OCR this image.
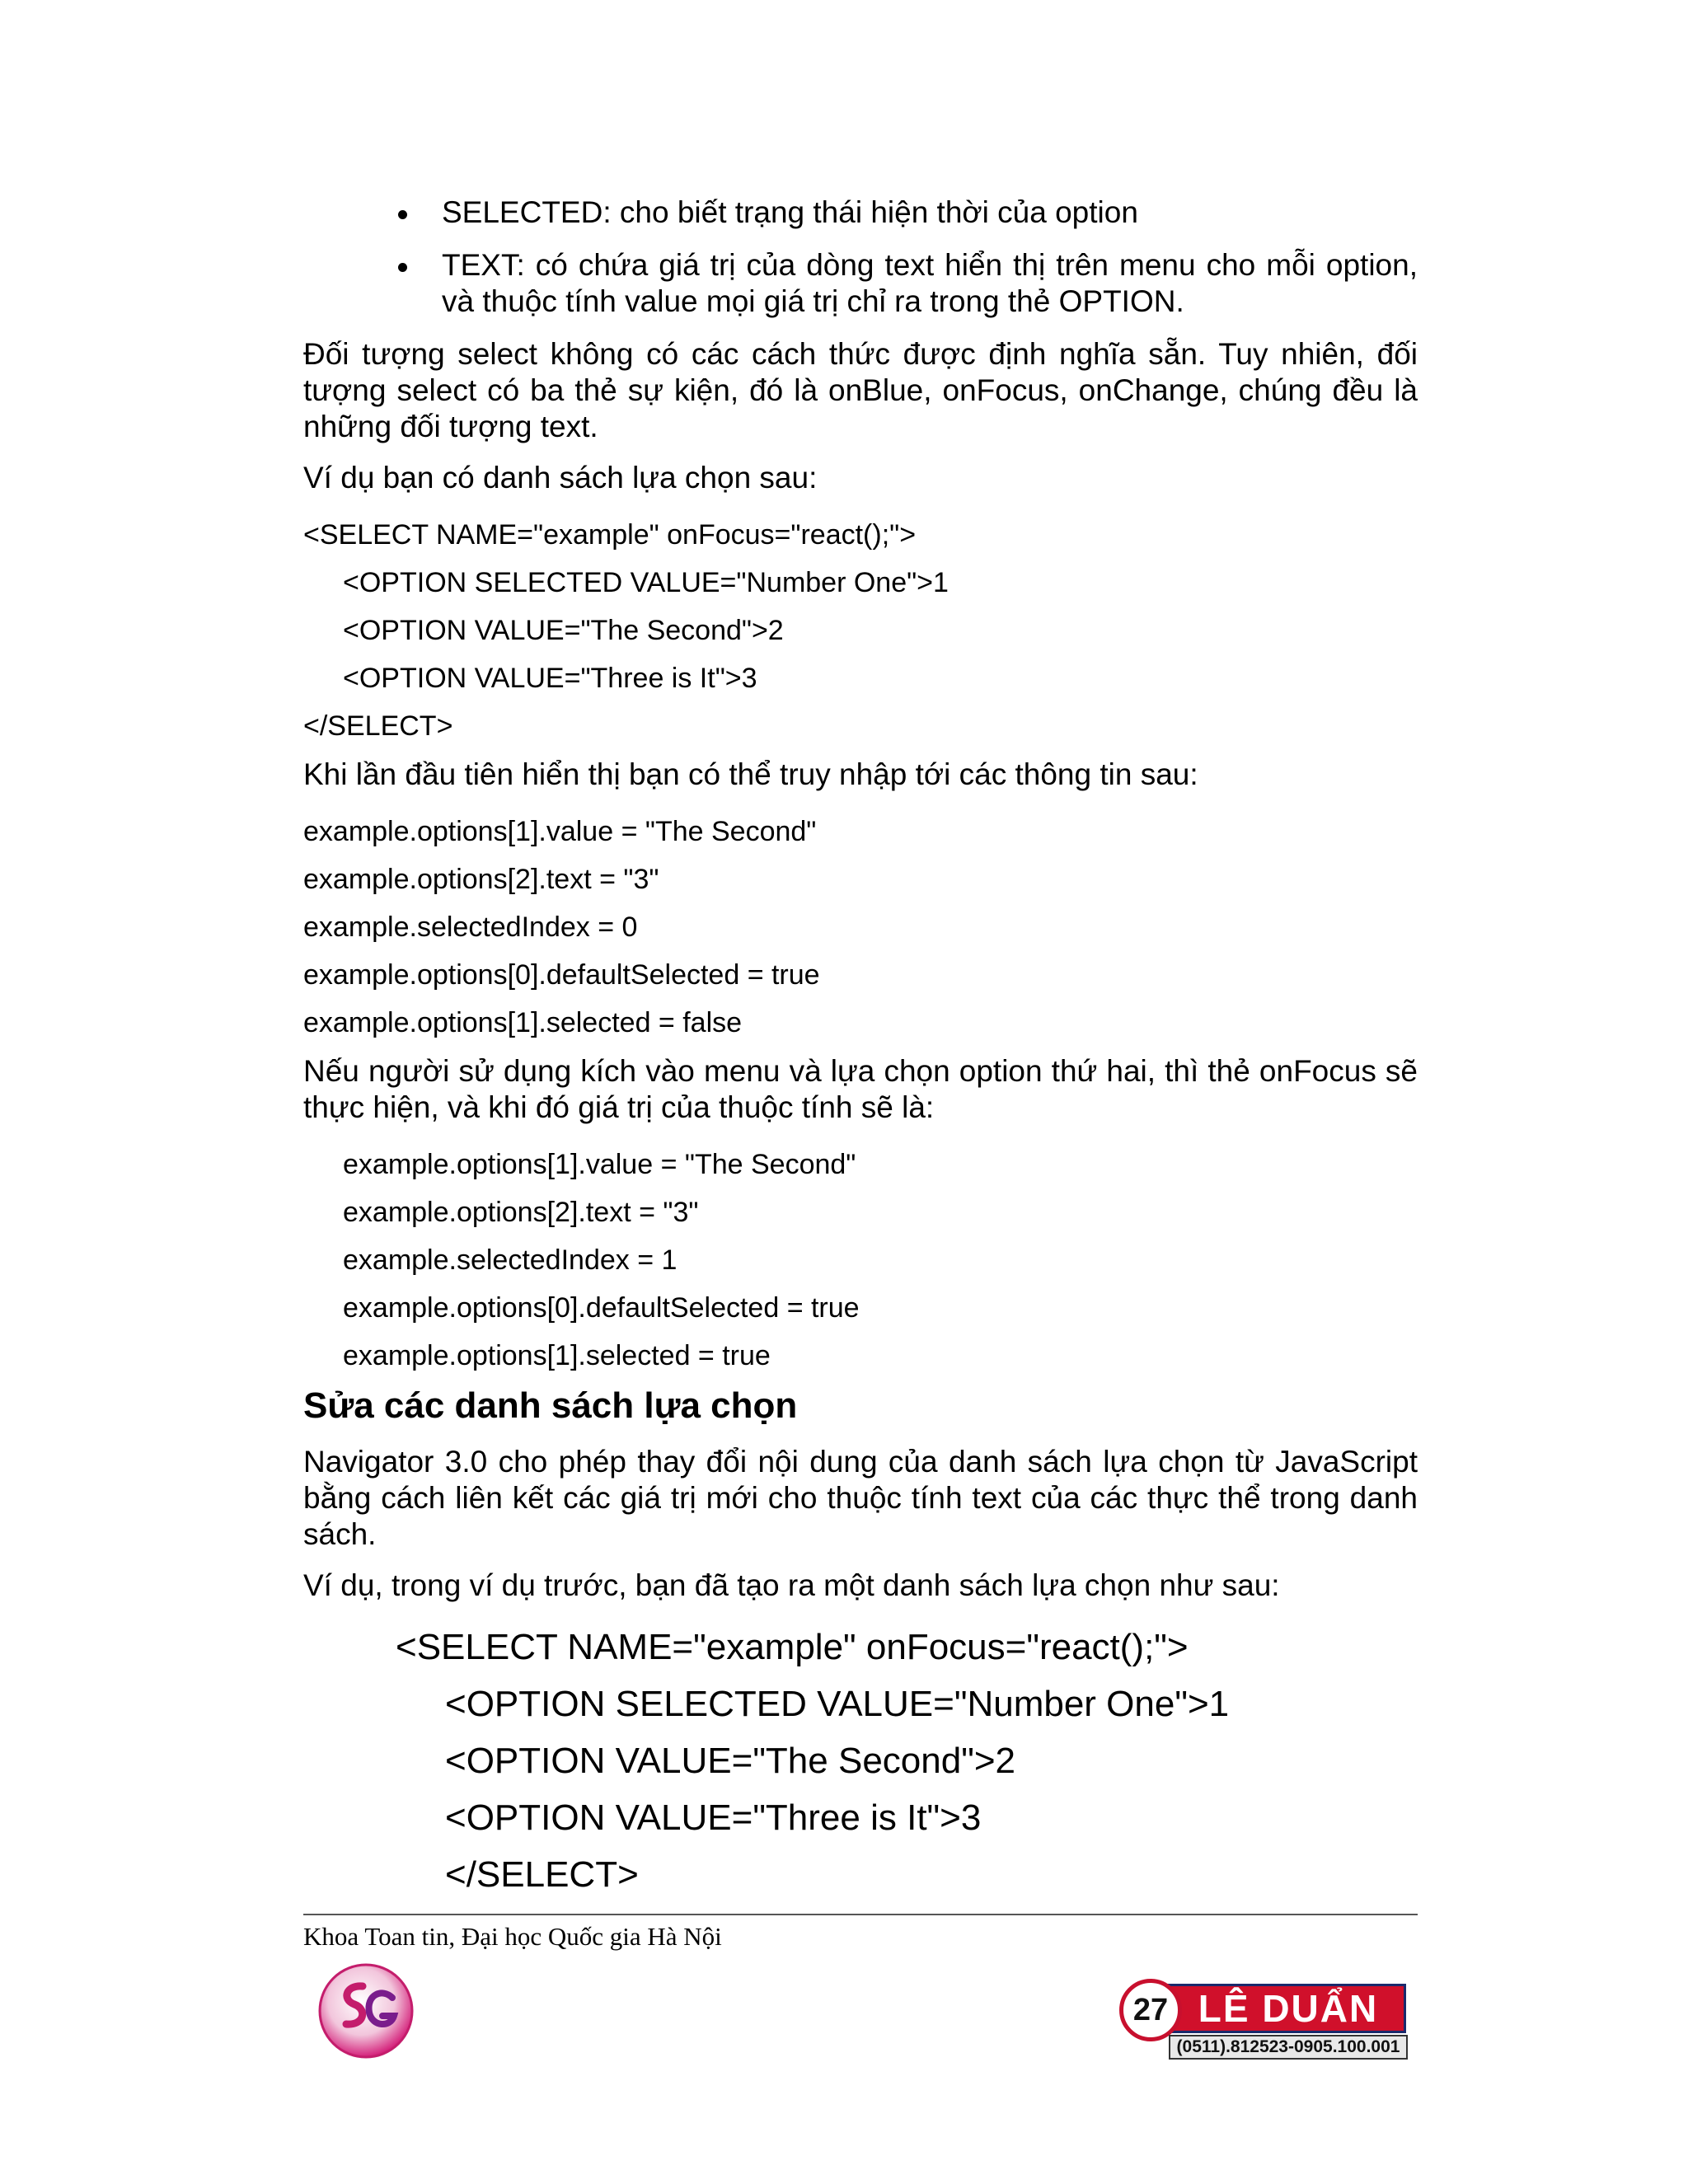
SELECTED: cho biết trạng thái hiện thời của option
TEXT: có chứa giá trị của dòng text hiển thị trên menu cho mỗi option, và thuộc tính value mọi giá trị chỉ ra trong thẻ OPTION.

Đối tượng select không có các cách thức được định nghĩa sẵn. Tuy nhiên, đối tượng select có ba thẻ sự kiện, đó là onBlue, onFocus, onChange, chúng đều là những đối tượng text.

Ví dụ bạn có danh sách lựa chọn sau:

<SELECT NAME="example" onFocus="react();">
<OPTION SELECTED VALUE="Number One">1
<OPTION VALUE="The Second">2
<OPTION VALUE="Three is It">3
</SELECT>

Khi lần đầu tiên hiển thị bạn có thể truy nhập tới các thông tin sau:

example.options[1].value = "The Second"
example.options[2].text = "3"
example.selectedIndex = 0
example.options[0].defaultSelected = true
example.options[1].selected = false

Nếu người sử dụng kích vào menu và lựa chọn option thứ hai, thì thẻ onFocus sẽ thực hiện, và khi đó giá trị của thuộc tính sẽ là:

example.options[1].value = "The Second"
example.options[2].text = "3"
example.selectedIndex = 1
example.options[0].defaultSelected = true
example.options[1].selected = true
Sửa các danh sách lựa chọn

Navigator 3.0 cho phép thay đổi nội dung của danh sách lựa chọn từ JavaScript bằng cách liên kết các giá trị mới cho thuộc tính text của các thực thể trong danh sách.

Ví dụ, trong ví dụ trước, bạn đã tạo ra một danh sách lựa chọn như sau:

<SELECT NAME="example" onFocus="react();">
<OPTION SELECTED VALUE="Number One">1
<OPTION VALUE="The Second">2
<OPTION VALUE="Three is It">3
</SELECT>
Khoa Toan tin, Đại học Quốc gia Hà Nội
LÊ DUẨN
27
(0511).812523-0905.100.001
